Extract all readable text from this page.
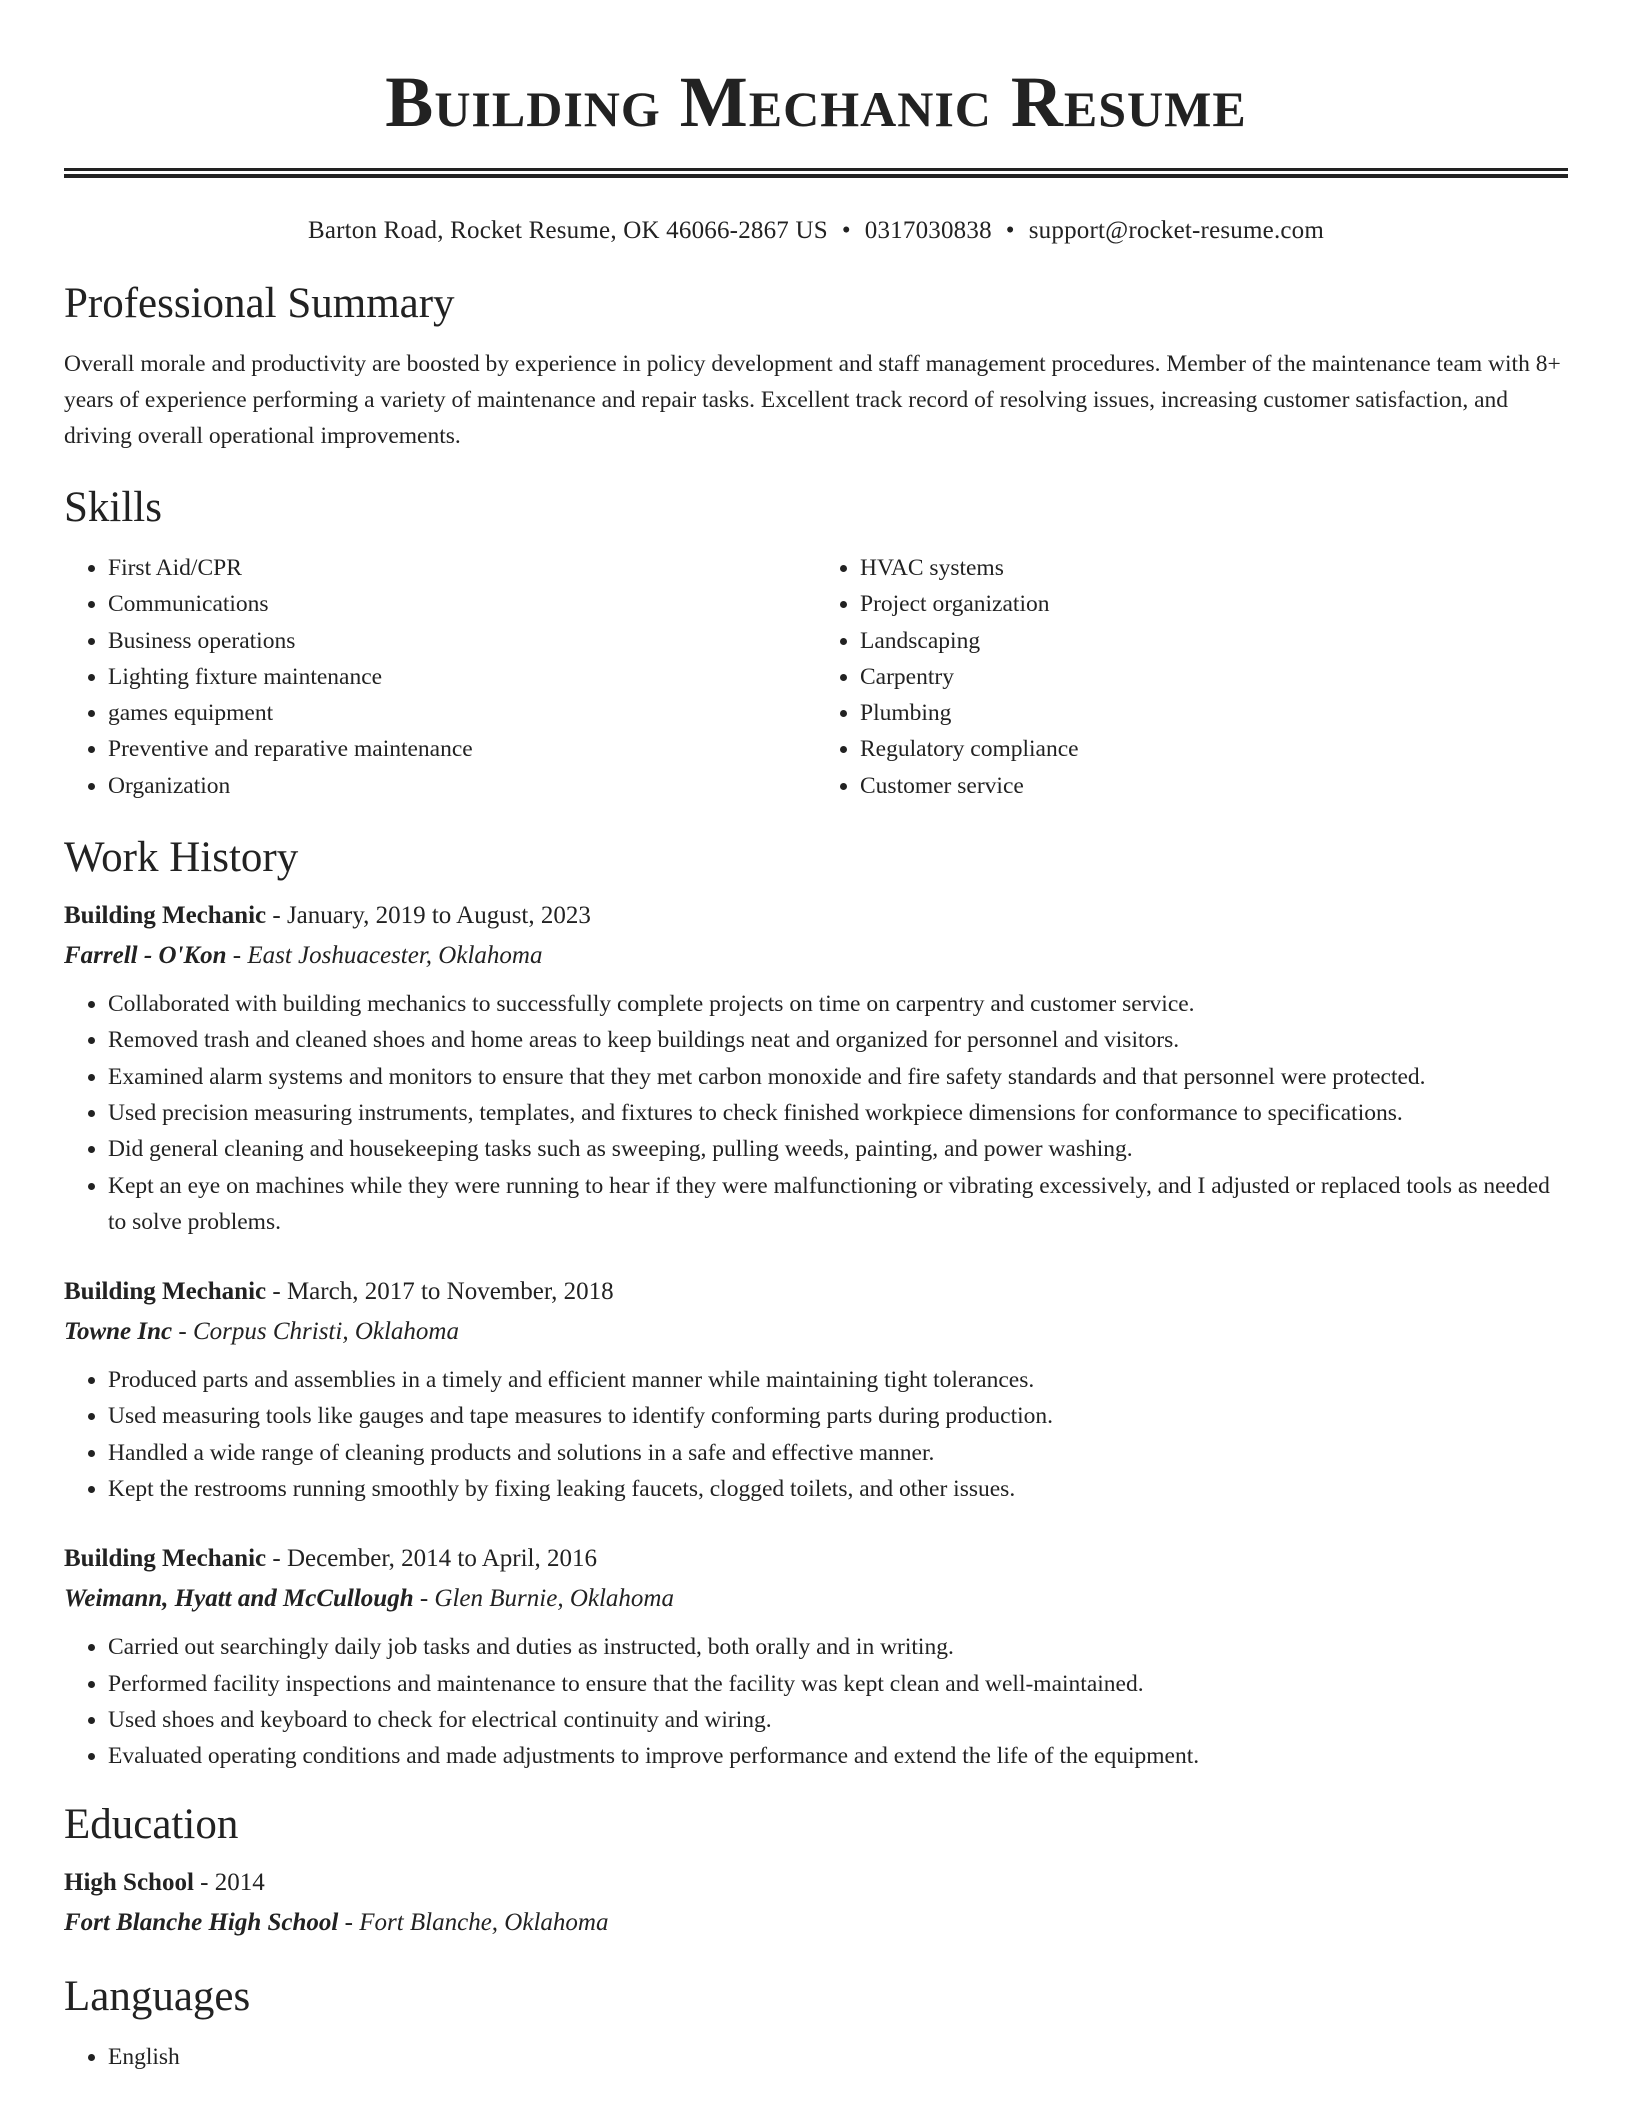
Building Mechanic Resume
Barton Road, Rocket Resume, OK 46066-2867 US • 0317030838 • support@rocket-resume.com
Professional Summary

Overall morale and productivity are boosted by experience in policy development and staff management procedures. Member of the maintenance team with 8+ years of experience performing a variety of maintenance and repair tasks. Excellent track record of resolving issues, increasing customer satisfaction, and driving overall operational improvements.

Skills
• First Aid/CPR
• Communications
• Business operations
• Lighting fixture maintenance
• games equipment
• Preventive and reparative maintenance
• Organization
• HVAC systems
• Project organization
• Landscaping
• Carpentry
• Plumbing
• Regulatory compliance
• Customer service
Work History
Building Mechanic - January, 2019 to August, 2023
Farrell - O'Kon - East Joshuacester, Oklahoma
• Collaborated with building mechanics to successfully complete projects on time on carpentry and customer service.
• Removed trash and cleaned shoes and home areas to keep buildings neat and organized for personnel and visitors.
• Examined alarm systems and monitors to ensure that they met carbon monoxide and fire safety standards and that personnel were protected.
• Used precision measuring instruments, templates, and fixtures to check finished workpiece dimensions for conformance to specifications.
• Did general cleaning and housekeeping tasks such as sweeping, pulling weeds, painting, and power washing.
• Kept an eye on machines while they were running to hear if they were malfunctioning or vibrating excessively, and I adjusted or replaced tools as needed to solve problems.
Building Mechanic - March, 2017 to November, 2018
Towne Inc - Corpus Christi, Oklahoma
• Produced parts and assemblies in a timely and efficient manner while maintaining tight tolerances.
• Used measuring tools like gauges and tape measures to identify conforming parts during production.
• Handled a wide range of cleaning products and solutions in a safe and effective manner.
• Kept the restrooms running smoothly by fixing leaking faucets, clogged toilets, and other issues.
Building Mechanic - December, 2014 to April, 2016
Weimann, Hyatt and McCullough - Glen Burnie, Oklahoma
• Carried out searchingly daily job tasks and duties as instructed, both orally and in writing.
• Performed facility inspections and maintenance to ensure that the facility was kept clean and well-maintained.
• Used shoes and keyboard to check for electrical continuity and wiring.
• Evaluated operating conditions and made adjustments to improve performance and extend the life of the equipment.
Education
High School - 2014
Fort Blanche High School - Fort Blanche, Oklahoma
Languages
• English
